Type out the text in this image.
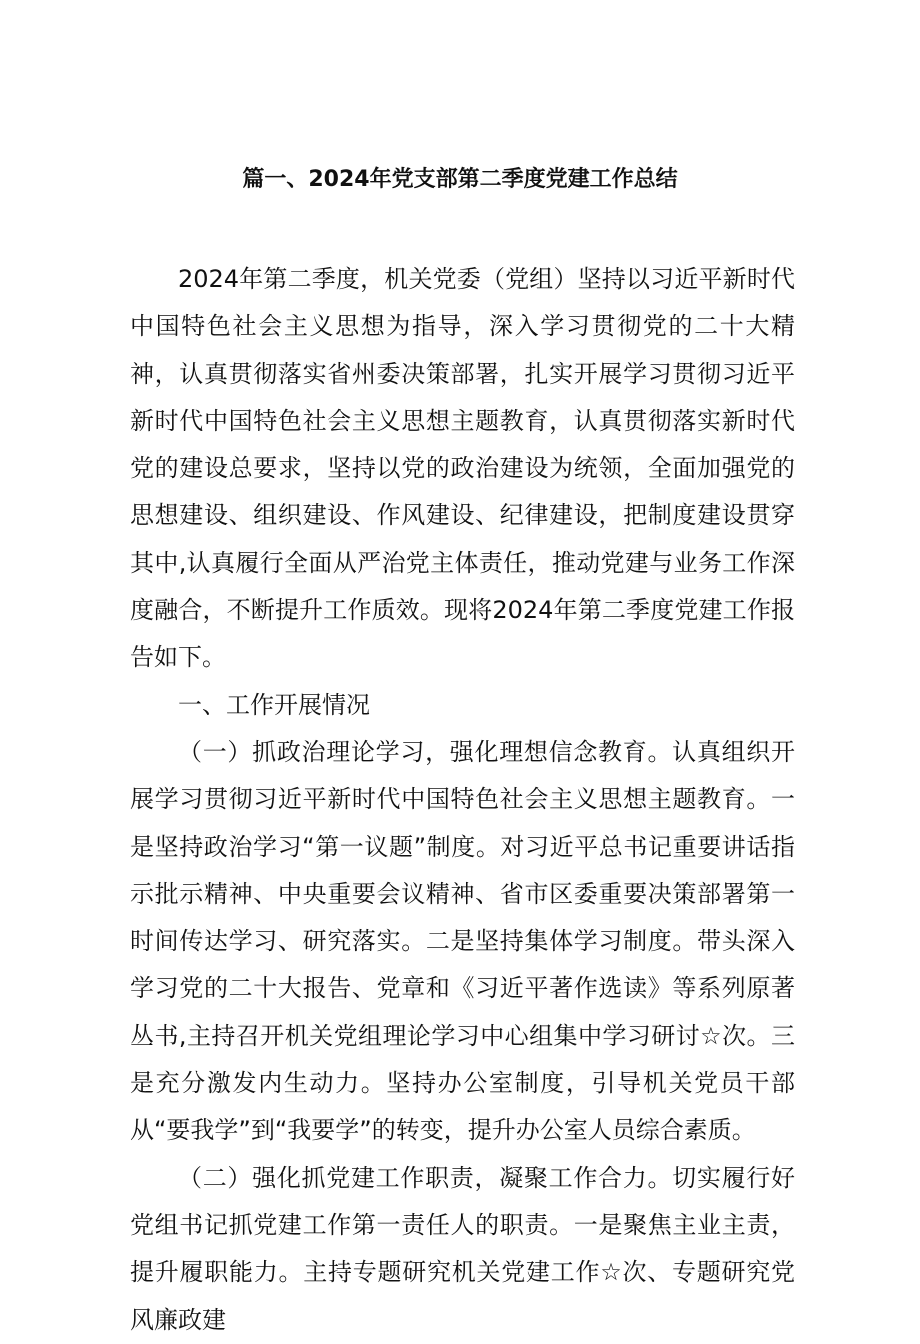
篇一、2024年党支部第二季度党建工作总结

2024年第二季度，机关党委（党组）坚持以习近平新时代中国特色社会主义思想为指导，深入学习贯彻党的二十大精神，认真贯彻落实省州委决策部署，扎实开展学习贯彻习近平新时代中国特色社会主义思想主题教育，认真贯彻落实新时代党的建设总要求，坚持以党的政治建设为统领，全面加强党的思想建设、组织建设、作风建设、纪律建设，把制度建设贯穿其中,认真履行全面从严治党主体责任，推动党建与业务工作深度融合，不断提升工作质效。现将2024年第二季度党建工作报告如下。

一、工作开展情况

（一）抓政治理论学习，强化理想信念教育。认真组织开展学习贯彻习近平新时代中国特色社会主义思想主题教育。一是坚持政治学习“第一议题”制度。对习近平总书记重要讲话指示批示精神、中央重要会议精神、省市区委重要决策部署第一时间传达学习、研究落实。二是坚持集体学习制度。带头深入学习党的二十大报告、党章和《习近平著作选读》等系列原著丛书,主持召开机关党组理论学习中心组集中学习研讨☆次。三是充分激发内生动力。坚持办公室制度，引导机关党员干部从“要我学”到“我要学”的转变，提升办公室人员综合素质。

（二）强化抓党建工作职责，凝聚工作合力。切实履行好党组书记抓党建工作第一责任人的职责。一是聚焦主业主责，提升履职能力。主持专题研究机关党建工作☆次、专题研究党风廉政建
